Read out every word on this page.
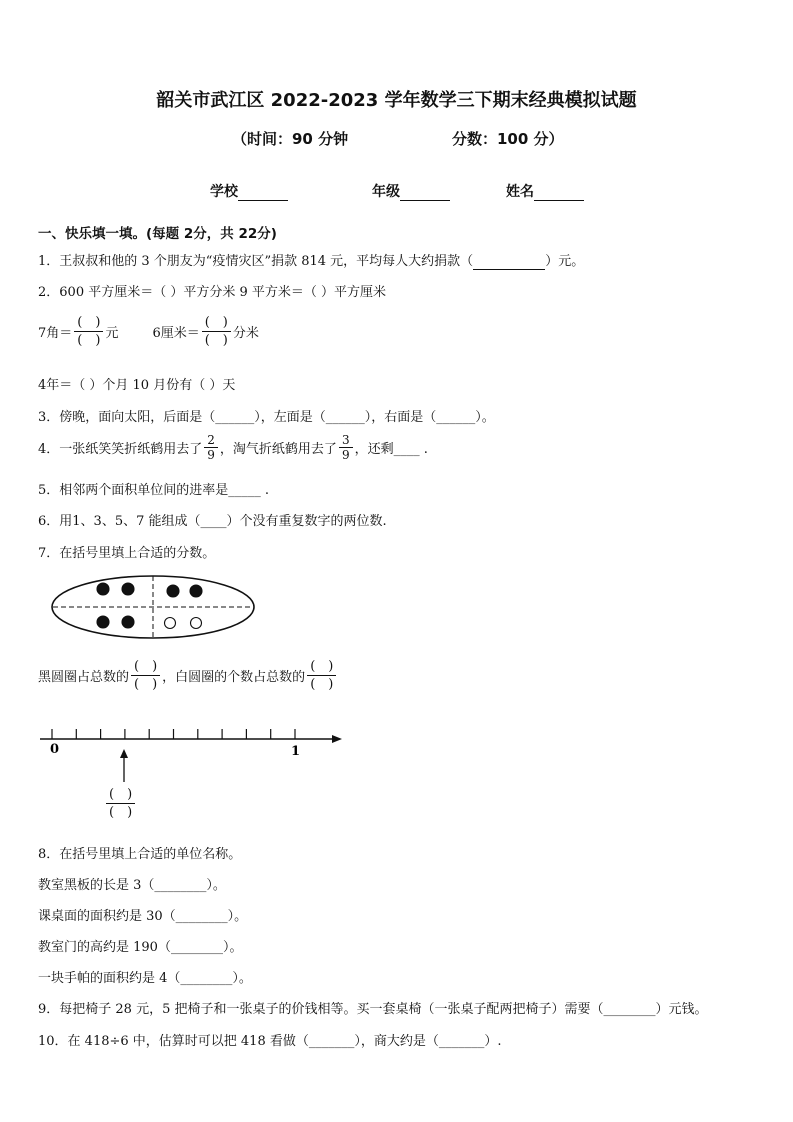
韶关市武江区 2022-2023 学年数学三下期末经典模拟试题
（时间：90 分钟	分数：100 分）
学校	年级	姓名
一、快乐填一填。(每题 2分，共 22分)
1．王叔叔和他的 3 个朋友为“疫情灾区”捐款 814 元，平均每人大约捐款（	）元。
2．600 平方厘米＝（ ）平方分米 9 平方米＝（ ）平方厘米
7角＝ $\frac{( )}{( )}$ 元	6厘米＝ $\frac{( )}{( )}$ 分米
4年＝（ ）个月 10 月份有（ ）天
3．傍晚，面向太阳，后面是（______），左面是（______），右面是（______）。
4．一张纸笑笑折纸鹤用去了 $\frac{2}{9}$ ，淘气折纸鹤用去了 $\frac{3}{9}$ ，还剩____ .
5．相邻两个面积单位间的进率是_____ .
6．用1、3、5、7 能组成（____）个没有重复数字的两位数.
7．在括号里填上合适的分数。
黑圆圈占总数的 $\frac{( )}{( )}$ ，白圆圈的个数占总数的 $\frac{( )}{( )}$
0	1
$\frac{( )}{( )}$
8．在括号里填上合适的单位名称。
教室黑板的长是 3（________）。
课桌面的面积约是 30（________）。
教室门的高约是 190（________）。
一块手帕的面积约是 4（________）。
9．每把椅子 28 元，5 把椅子和一张桌子的价钱相等。买一套桌椅（一张桌子配两把椅子）需要（________）元钱。
10．在 418÷6 中，估算时可以把 418 看做（_______），商大约是（_______）.
